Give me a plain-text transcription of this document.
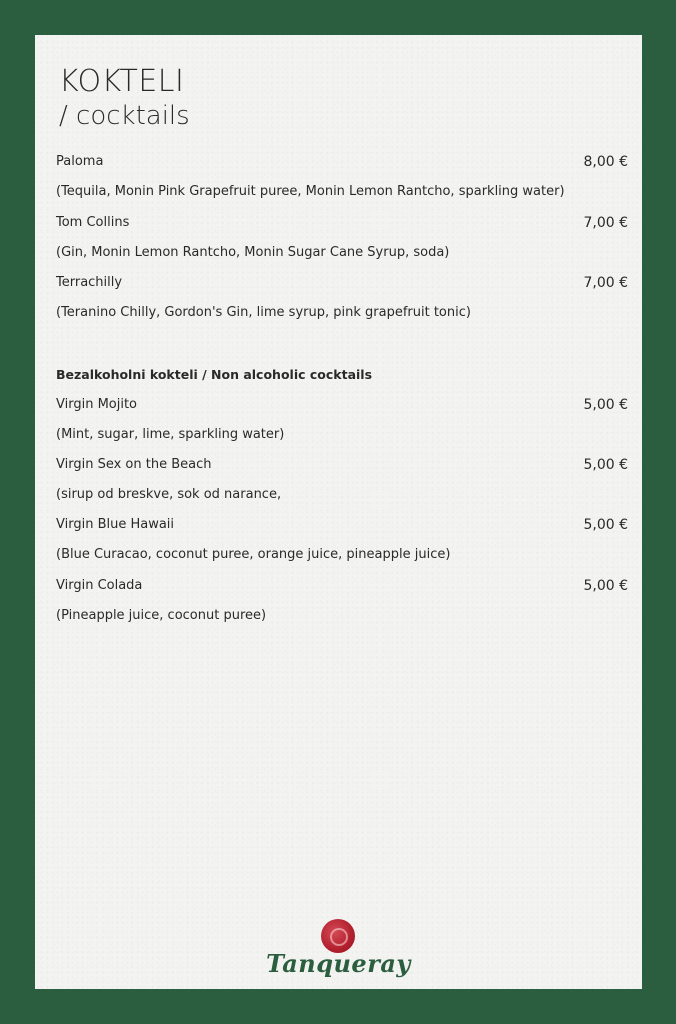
KOKTELI
/ cocktails
Paloma	8,00 €
(Tequila, Monin Pink Grapefruit puree, Monin Lemon Rantcho, sparkling water)
Tom Collins	7,00 €
(Gin, Monin Lemon Rantcho, Monin Sugar Cane Syrup, soda)
Terrachilly	7,00 €
(Teranino Chilly, Gordon's Gin, lime syrup, pink grapefruit tonic)
Bezalkoholni kokteli / Non alcoholic cocktails
Virgin Mojito	5,00 €
(Mint, sugar, lime, sparkling water)
Virgin Sex on the Beach	5,00 €
(sirup od breskve, sok od narance,
Virgin Blue Hawaii	5,00 €
(Blue Curacao, coconut puree, orange juice, pineapple juice)
Virgin Colada	5,00 €
(Pineapple juice, coconut puree)
Tanqueray
